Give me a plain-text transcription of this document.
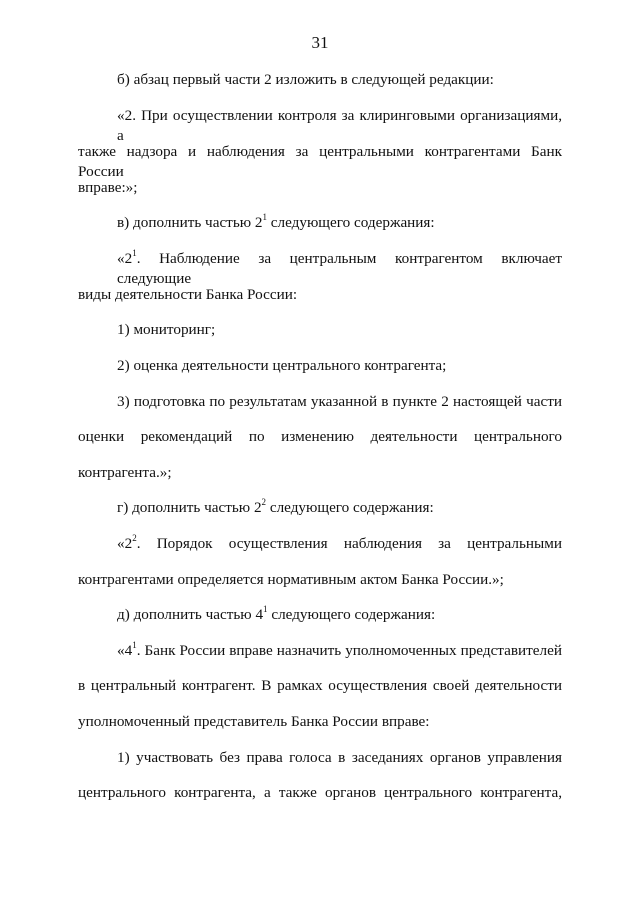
31
б) абзац первый части 2 изложить в следующей редакции:
«2. При осуществлении контроля за клиринговыми организациями, а
также надзора и наблюдения за центральными контрагентами Банк России
вправе:»;
в) дополнить частью $2^1$ следующего содержания:
«$2^1$. Наблюдение за центральным контрагентом включает следующие
виды деятельности Банка России:
1) мониторинг;
2) оценка деятельности центрального контрагента;
3) подготовка по результатам указанной в пункте 2 настоящей части
оценки рекомендаций по изменению деятельности центрального
контрагента.»;
г) дополнить частью $2^2$ следующего содержания:
«$2^2$. Порядок осуществления наблюдения за центральными
контрагентами определяется нормативным актом Банка России.»;
д) дополнить частью $4^1$ следующего содержания:
«$4^1$. Банк России вправе назначить уполномоченных представителей
в центральный контрагент. В рамках осуществления своей деятельности
уполномоченный представитель Банка России вправе:
1) участвовать без права голоса в заседаниях органов управления
центрального контрагента, а также органов центрального контрагента,
